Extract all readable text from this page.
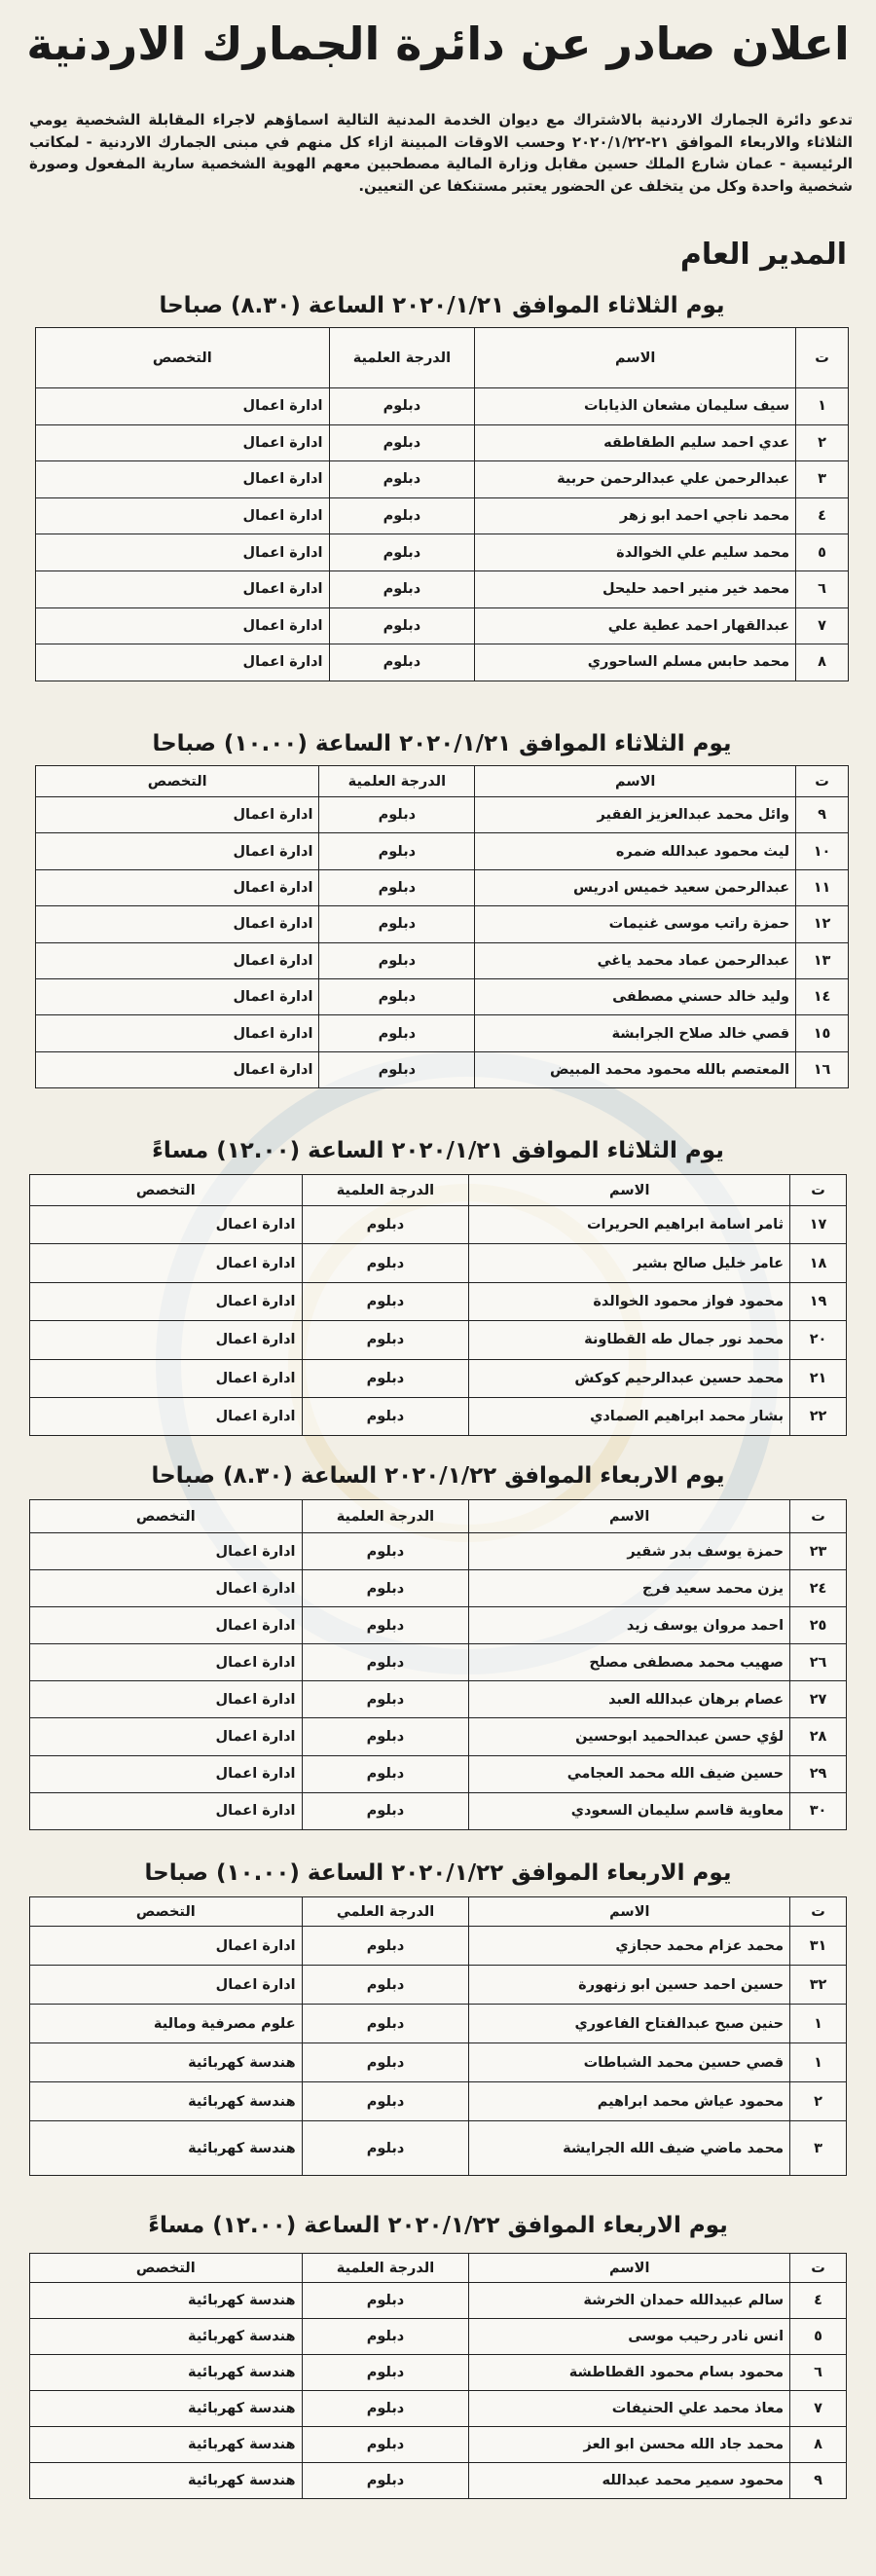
اعلان صادر عن دائرة الجمارك الاردنية

تدعو دائرة الجمارك الاردنية بالاشتراك مع ديوان الخدمة المدنية التالية اسماؤهم لاجراء المقابلة الشخصية يومي الثلاثاء والاربعاء الموافق ٢١-٢٠٢٠/١/٢٢ وحسب الاوقات المبينة ازاء كل منهم في مبنى الجمارك الاردنية - لمكاتب الرئيسية - عمان شارع الملك حسين مقابل وزارة المالية مصطحبين معهم الهوية الشخصية سارية المفعول وصورة شخصية واحدة وكل من يتخلف عن الحضور يعتبر مستنكفا عن التعيين.

المدير العام
يوم الثلاثاء الموافق ٢٠٢٠/١/٢١ الساعة (٨.٣٠) صباحا
ت	الاسم	الدرجة العلمية	التخصص
١	سيف سليمان مشعان الذيابات	دبلوم	ادارة اعمال
٢	عدي احمد سليم الطقاطقه	دبلوم	ادارة اعمال
٣	عبدالرحمن علي عبدالرحمن حربية	دبلوم	ادارة اعمال
٤	محمد ناجي احمد ابو زهر	دبلوم	ادارة اعمال
٥	محمد سليم علي الخوالدة	دبلوم	ادارة اعمال
٦	محمد خير منير احمد حليحل	دبلوم	ادارة اعمال
٧	عبدالقهار احمد عطية علي	دبلوم	ادارة اعمال
٨	محمد حابس مسلم الساحوري	دبلوم	ادارة اعمال
يوم الثلاثاء الموافق ٢٠٢٠/١/٢١ الساعة (١٠.٠٠) صباحا
ت	الاسم	الدرجة العلمية	التخصص
٩	وائل محمد عبدالعزيز الفقير	دبلوم	ادارة اعمال
١٠	ليث محمود عبدالله ضمره	دبلوم	ادارة اعمال
١١	عبدالرحمن سعيد خميس ادريس	دبلوم	ادارة اعمال
١٢	حمزة راتب موسى غنيمات	دبلوم	ادارة اعمال
١٣	عبدالرحمن عماد محمد ياغي	دبلوم	ادارة اعمال
١٤	وليد خالد حسني مصطفى	دبلوم	ادارة اعمال
١٥	قصي خالد صلاح الجرابشة	دبلوم	ادارة اعمال
١٦	المعتصم بالله محمود محمد المبيض	دبلوم	ادارة اعمال
يوم الثلاثاء الموافق ٢٠٢٠/١/٢١ الساعة (١٢.٠٠) مساءً
ت	الاسم	الدرجة العلمية	التخصص
١٧	ثامر اسامة ابراهيم الحريرات	دبلوم	ادارة اعمال
١٨	عامر خليل صالح بشير	دبلوم	ادارة اعمال
١٩	محمود فواز محمود الخوالدة	دبلوم	ادارة اعمال
٢٠	محمد نور جمال طه القطاونة	دبلوم	ادارة اعمال
٢١	محمد حسين عبدالرحيم كوكش	دبلوم	ادارة اعمال
٢٢	بشار محمد ابراهيم الصمادي	دبلوم	ادارة اعمال
يوم الاربعاء الموافق ٢٠٢٠/١/٢٢ الساعة (٨.٣٠) صباحا
ت	الاسم	الدرجة العلمية	التخصص
٢٣	حمزة يوسف بدر شقير	دبلوم	ادارة اعمال
٢٤	يزن محمد سعيد فرج	دبلوم	ادارة اعمال
٢٥	احمد مروان يوسف زيد	دبلوم	ادارة اعمال
٢٦	صهيب محمد مصطفى مصلح	دبلوم	ادارة اعمال
٢٧	عصام برهان عبدالله العبد	دبلوم	ادارة اعمال
٢٨	لؤي حسن عبدالحميد ابوحسين	دبلوم	ادارة اعمال
٢٩	حسين ضيف الله محمد العجامي	دبلوم	ادارة اعمال
٣٠	معاوية قاسم سليمان السعودي	دبلوم	ادارة اعمال
يوم الاربعاء الموافق ٢٠٢٠/١/٢٢ الساعة (١٠.٠٠) صباحا
ت	الاسم	الدرجة العلمي	التخصص
٣١	محمد عزام محمد حجازي	دبلوم	ادارة اعمال
٣٢	حسين احمد حسين ابو زنهورة	دبلوم	ادارة اعمال
١	حنين صبح عبدالفتاح الفاعوري	دبلوم	علوم مصرفية ومالية
١	قصي حسين محمد الشباطات	دبلوم	هندسة كهربائية
٢	محمود عياش محمد ابراهيم	دبلوم	هندسة كهربائية
٣	محمد ماضي ضيف الله الجرايشة	دبلوم	هندسة كهربائية
يوم الاربعاء الموافق ٢٠٢٠/١/٢٢ الساعة (١٢.٠٠) مساءً
ت	الاسم	الدرجة العلمية	التخصص
٤	سالم عبيدالله حمدان الخرشة	دبلوم	هندسة كهربائية
٥	انس نادر رحيب موسى	دبلوم	هندسة كهربائية
٦	محمود بسام محمود القطاطشة	دبلوم	هندسة كهربائية
٧	معاذ محمد علي الحنيفات	دبلوم	هندسة كهربائية
٨	محمد جاد الله محسن ابو العز	دبلوم	هندسة كهربائية
٩	محمود سمير محمد عبدالله	دبلوم	هندسة كهربائية
